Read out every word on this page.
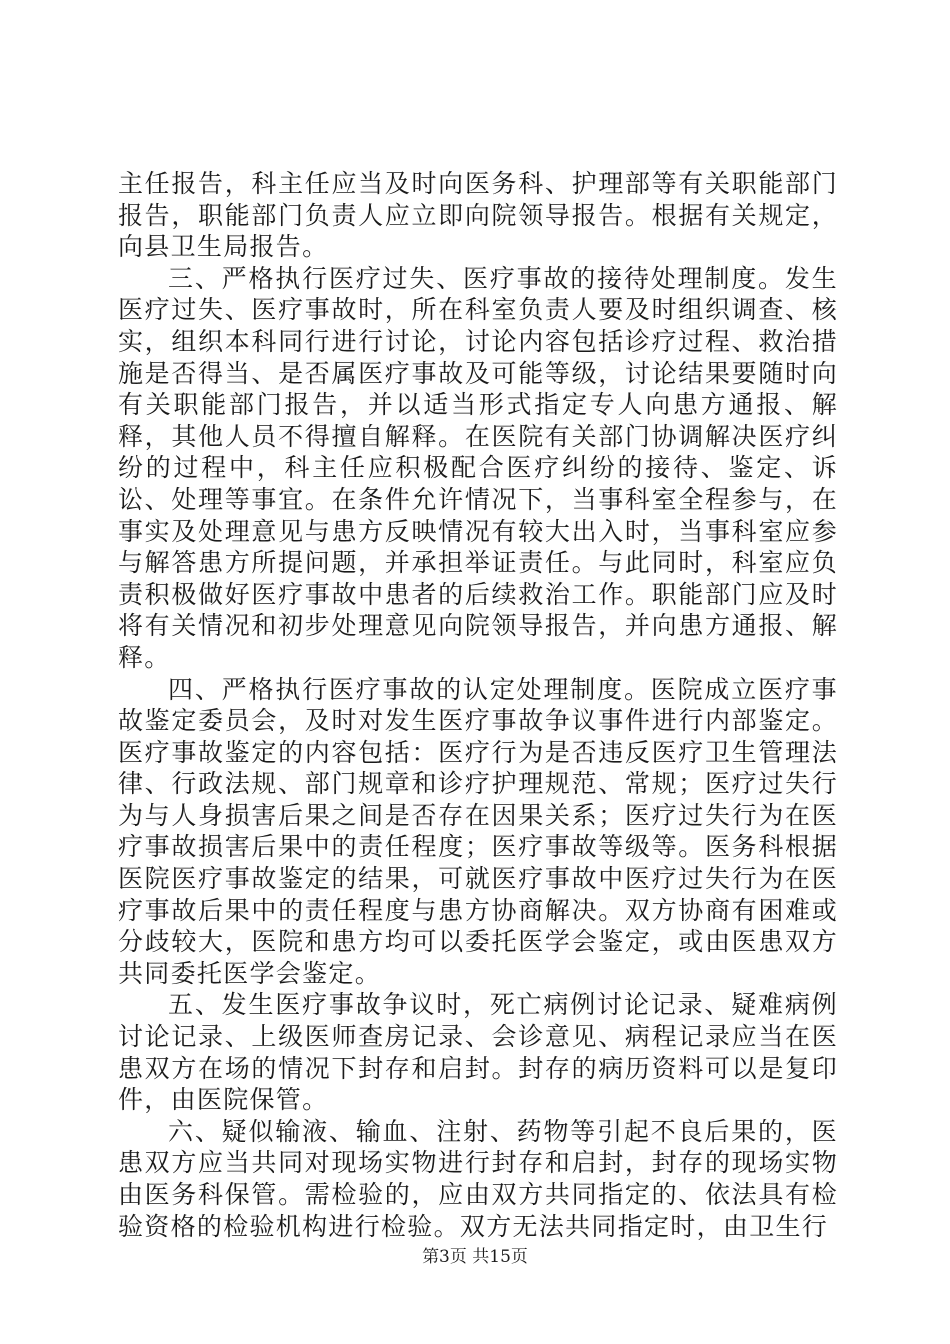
主任报告，科主任应当及时向医务科、护理部等有关职能部门报告，职能部门负责人应立即向院领导报告。根据有关规定，向县卫生局报告。

三、严格执行医疗过失、医疗事故的接待处理制度。发生医疗过失、医疗事故时，所在科室负责人要及时组织调查、核实，组织本科同行进行讨论，讨论内容包括诊疗过程、救治措施是否得当、是否属医疗事故及可能等级，讨论结果要随时向有关职能部门报告，并以适当形式指定专人向患方通报、解释，其他人员不得擅自解释。在医院有关部门协调解决医疗纠纷的过程中，科主任应积极配合医疗纠纷的接待、鉴定、诉讼、处理等事宜。在条件允许情况下，当事科室全程参与，在事实及处理意见与患方反映情况有较大出入时，当事科室应参与解答患方所提问题，并承担举证责任。与此同时，科室应负责积极做好医疗事故中患者的后续救治工作。职能部门应及时将有关情况和初步处理意见向院领导报告，并向患方通报、解释。

四、严格执行医疗事故的认定处理制度。医院成立医疗事故鉴定委员会，及时对发生医疗事故争议事件进行内部鉴定。医疗事故鉴定的内容包括：医疗行为是否违反医疗卫生管理法律、行政法规、部门规章和诊疗护理规范、常规；医疗过失行为与人身损害后果之间是否存在因果关系；医疗过失行为在医疗事故损害后果中的责任程度；医疗事故等级等。医务科根据医院医疗事故鉴定的结果，可就医疗事故中医疗过失行为在医疗事故后果中的责任程度与患方协商解决。双方协商有困难或分歧较大，医院和患方均可以委托医学会鉴定，或由医患双方共同委托医学会鉴定。

五、发生医疗事故争议时，死亡病例讨论记录、疑难病例讨论记录、上级医师查房记录、会诊意见、病程记录应当在医患双方在场的情况下封存和启封。封存的病历资料可以是复印件，由医院保管。

六、疑似输液、输血、注射、药物等引起不良后果的，医患双方应当共同对现场实物进行封存和启封，封存的现场实物由医务科保管。需检验的，应由双方共同指定的、依法具有检验资格的检验机构进行检验。双方无法共同指定时，由卫生行

第3页 共15页
